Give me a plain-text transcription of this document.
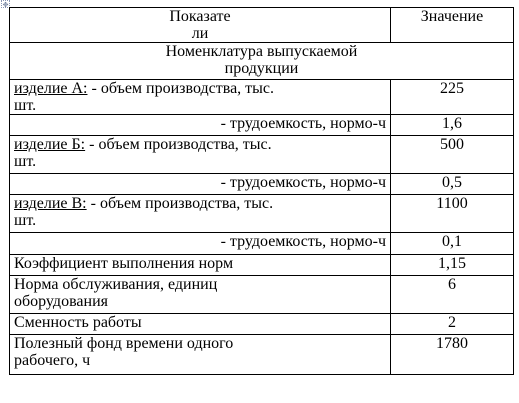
✥
Показате
ли	Значение
Номенклатура выпускаемой
продукции	
изделие А: - объем производства, тыс.
шт.	225
- трудоемкость, нормо-ч	1,6
изделие Б: - объем производства, тыс.
шт.	500
- трудоемкость, нормо-ч	0,5
изделие В: - объем производства, тыс.
шт.	1100
- трудоемкость, нормо-ч	0,1
Коэффициент выполнения норм	1,15
Норма обслуживания, единиц
оборудования	6
Сменность работы	2
Полезный фонд времени одного
рабочего, ч	1780
